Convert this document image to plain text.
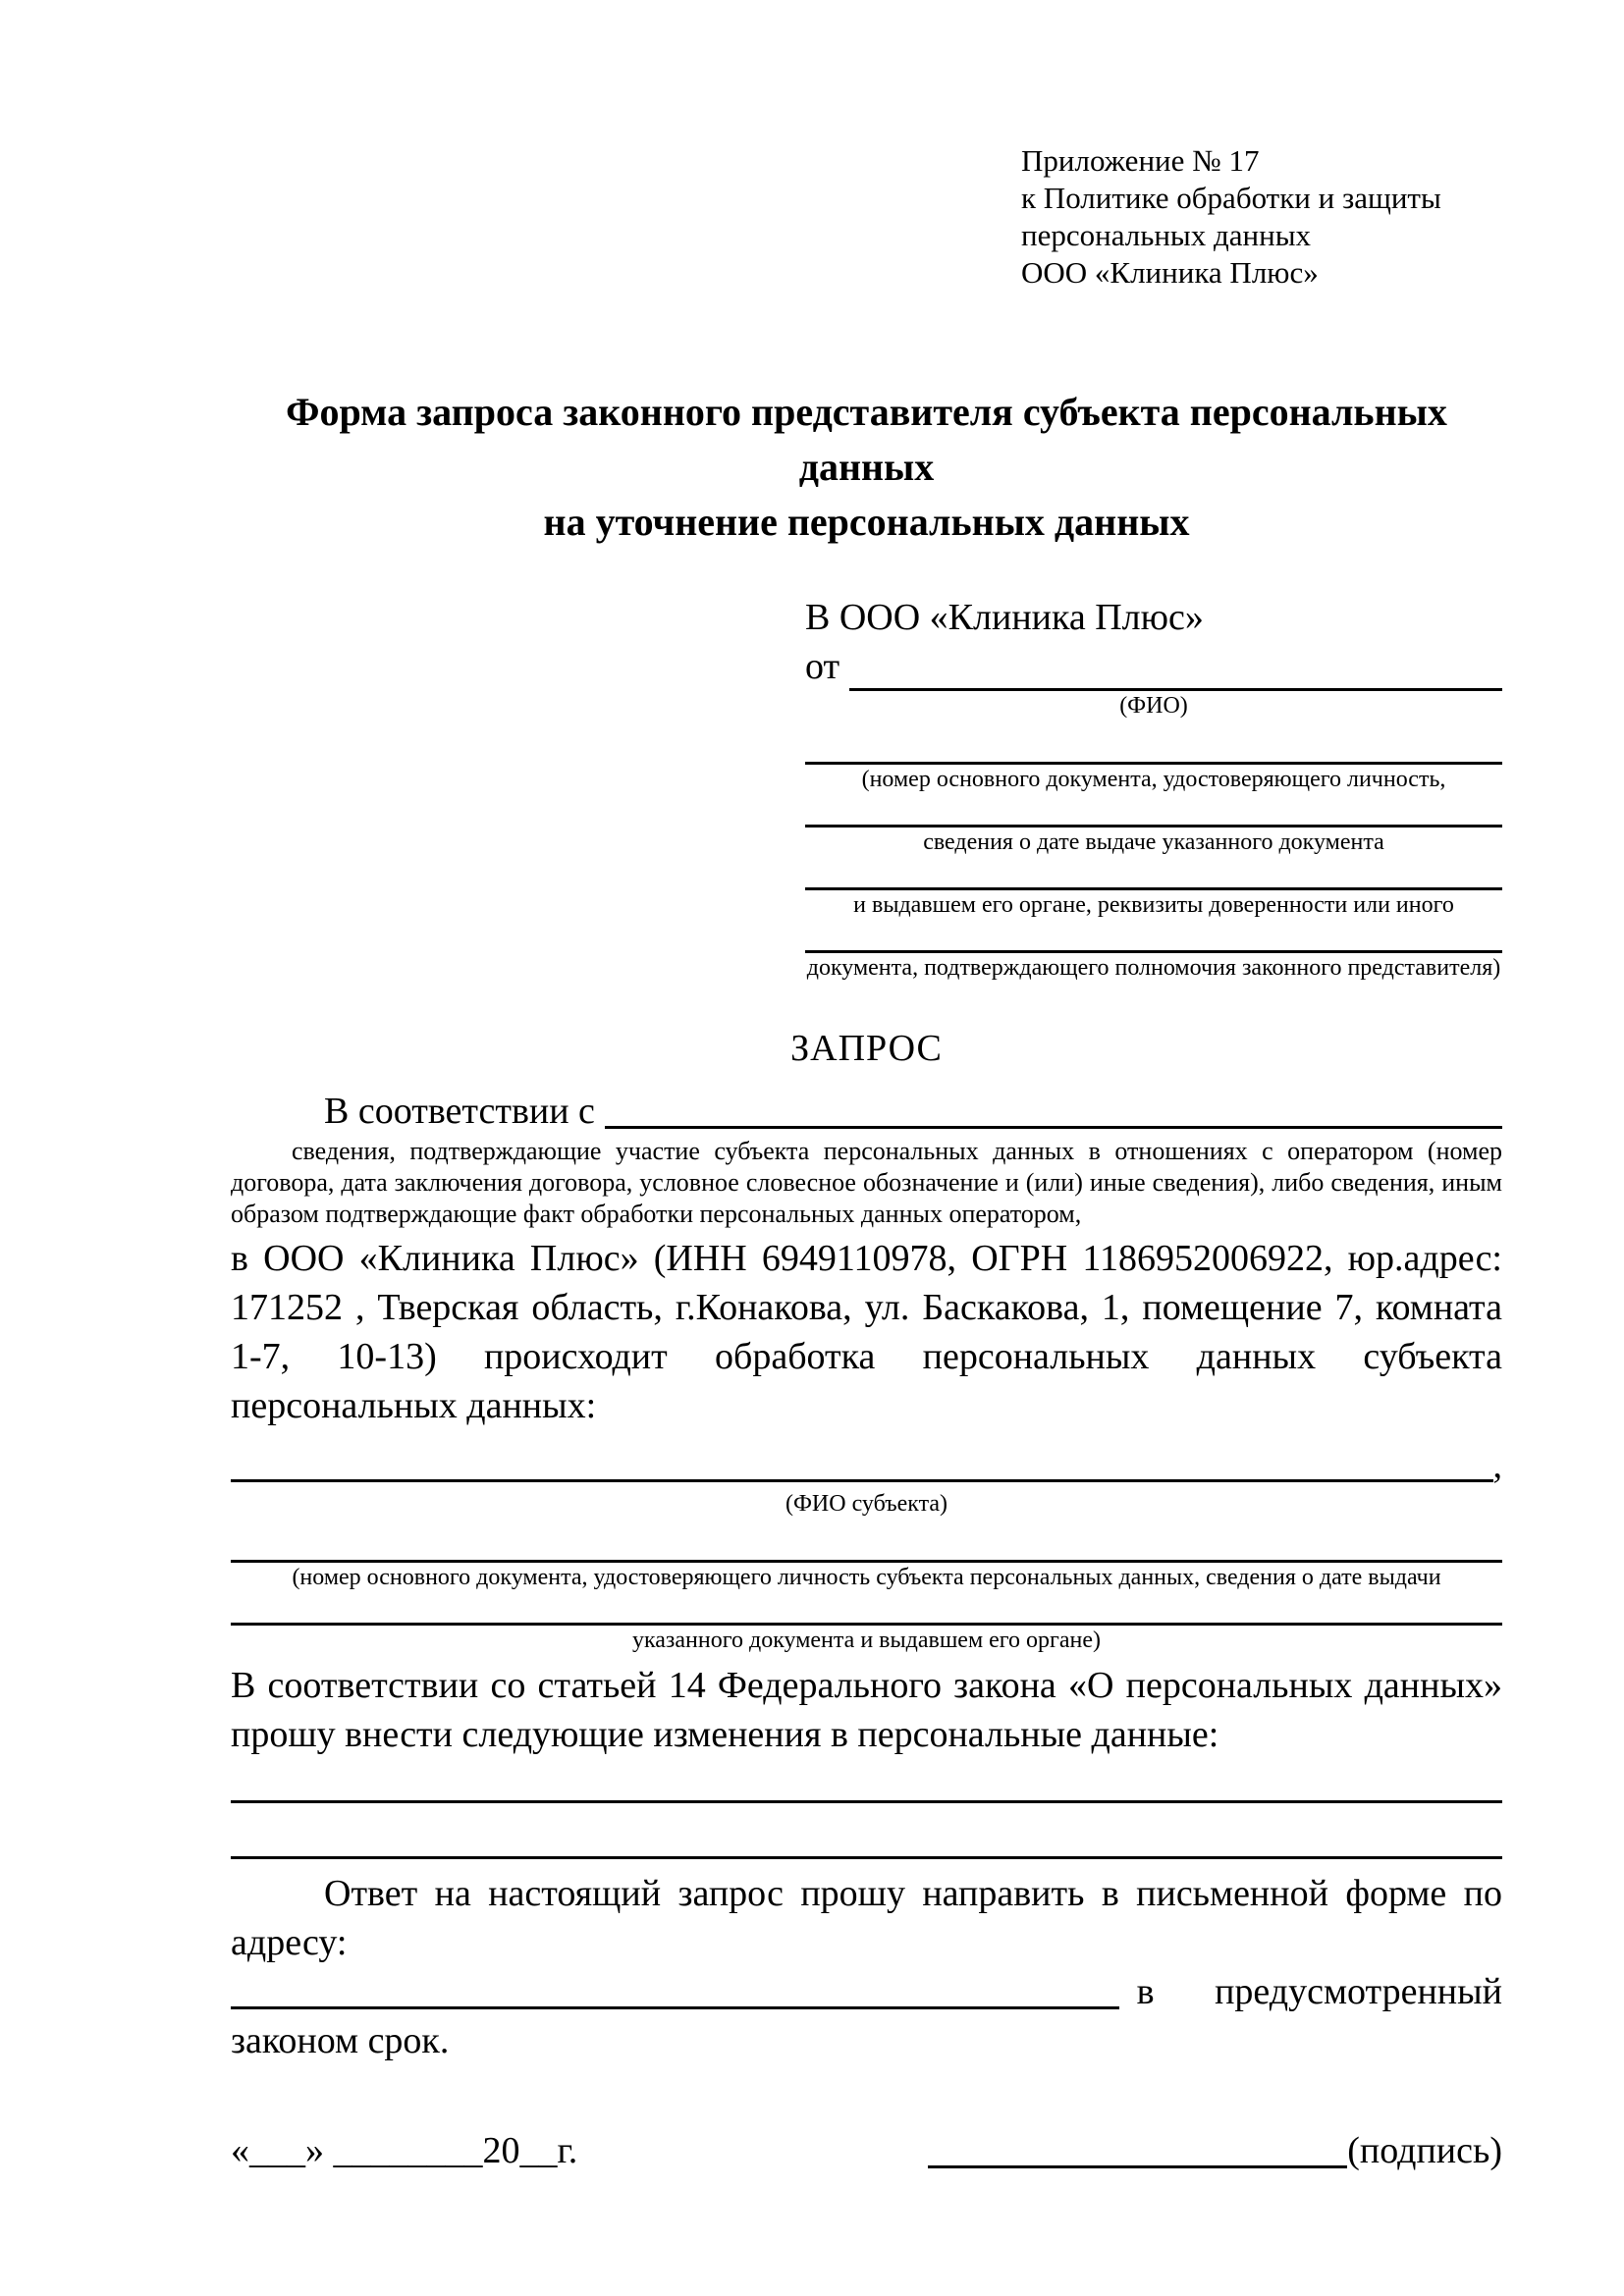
Приложение № 17
к Политике обработки и защиты
персональных данных
ООО «Клиника Плюс»
Форма запроса законного представителя субъекта персональных данных
на уточнение персональных данных
В ООО «Клиника Плюс»
от
(ФИО)
(номер основного документа, удостоверяющего личность,
сведения о дате выдаче указанного документа
и выдавшем его органе, реквизиты доверенности или иного
документа, подтверждающего полномочия законного представителя)
ЗАПРОС
В соответствии с
сведения, подтверждающие участие субъекта персональных данных в отношениях с оператором (номер договора, дата заключения договора, условное словесное обозначение и (или) иные сведения), либо сведения, иным образом подтверждающие факт обработки персональных данных оператором,

в ООО «Клиника Плюс» (ИНН 6949110978, ОГРН 1186952006922, юр.адрес: 171252 , Тверская область, г.Конакова, ул. Баскакова, 1, помещение 7, комната 1-7, 10-13) происходит обработка персональных данных субъекта персональных данных:

,
(ФИО субъекта)
(номер основного документа, удостоверяющего личность субъекта персональных данных, сведения о дате выдачи
указанного документа и выдавшем его органе)

В соответствии со статьей 14 Федерального закона «О персональных данных» прошу внести следующие изменения в персональные данные:

Ответ на настоящий запрос прошу направить в письменной форме по адресу:
в предусмотренный
законом срок.
«___» ________20__г.	(подпись)
